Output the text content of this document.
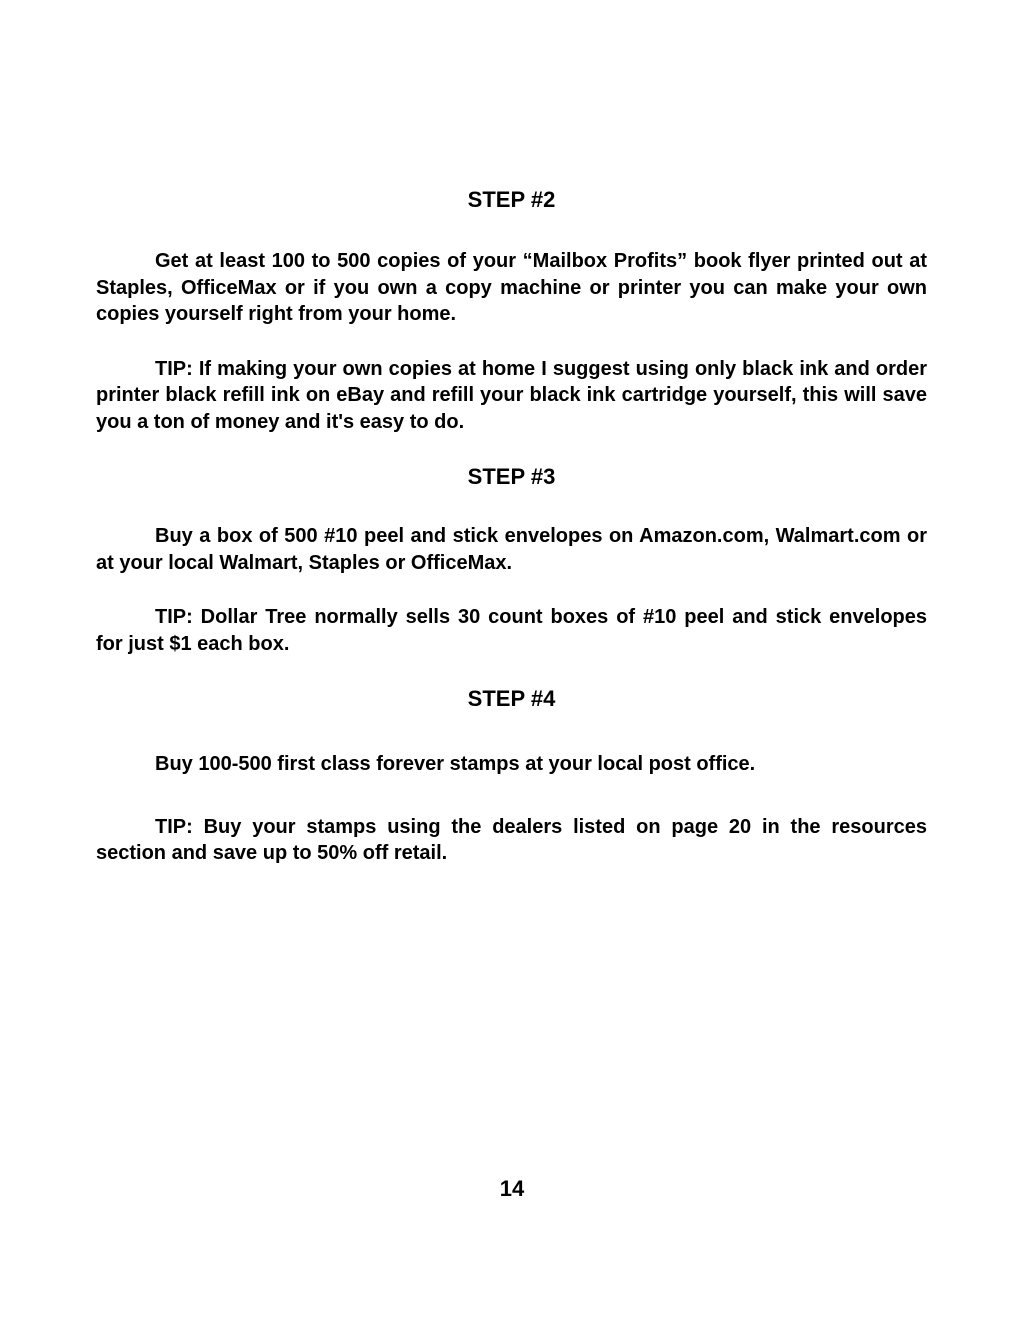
STEP #2

Get at least 100 to 500 copies of your “Mailbox Profits” book flyer printed out at Staples, OfficeMax or if you own a copy machine or printer you can make your own copies yourself right from your home.

TIP: If making your own copies at home I suggest using only black ink and order printer black refill ink on eBay and refill your black ink cartridge yourself, this will save you a ton of money and it's easy to do.

STEP #3

Buy a box of 500 #10 peel and stick envelopes on Amazon.com, Walmart.com or at your local Walmart, Staples or OfficeMax.

TIP: Dollar Tree normally sells 30 count boxes of #10 peel and stick envelopes for just $1 each box.

STEP #4

Buy 100-500 first class forever stamps at your local post office.

TIP: Buy your stamps using the dealers listed on page 20 in the resources section and save up to 50% off retail.

14
